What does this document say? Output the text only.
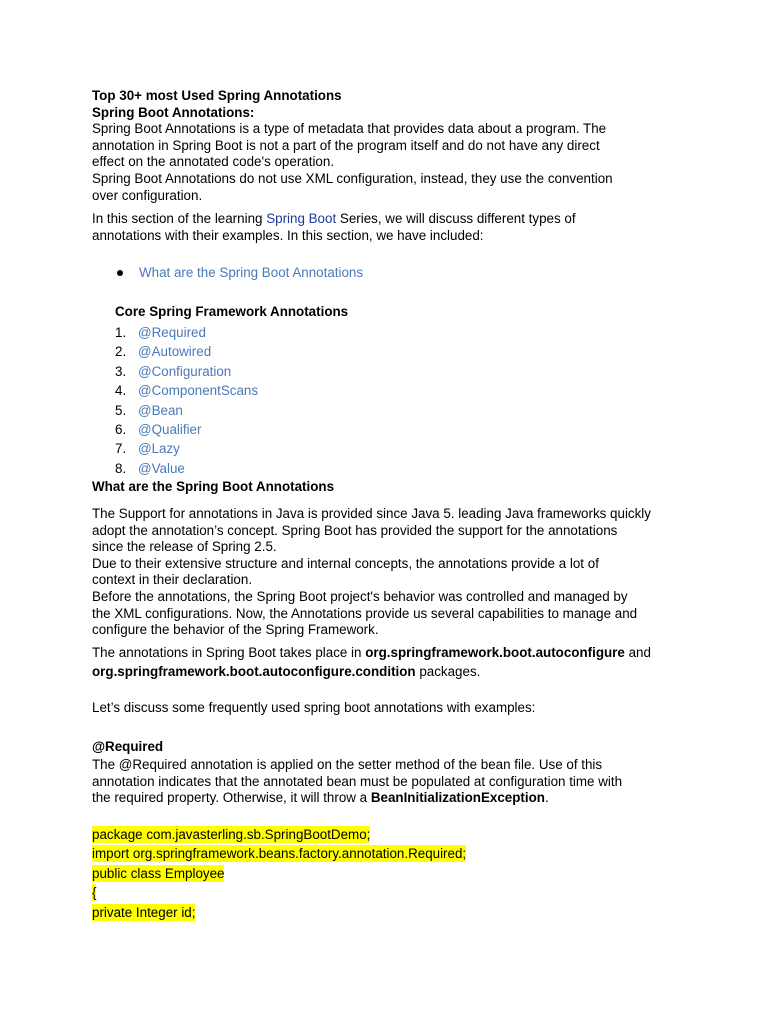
Top 30+ most Used Spring Annotations
Spring Boot Annotations:
Spring Boot Annotations is a type of metadata that provides data about a program. The
annotation in Spring Boot is not a part of the program itself and do not have any direct
effect on the annotated code's operation.
Spring Boot Annotations do not use XML configuration, instead, they use the convention
over configuration.
In this section of the learning Spring Boot Series, we will discuss different types of
annotations with their examples. In this section, we have included:
What are the Spring Boot Annotations
Core Spring Framework Annotations
1. @Required
2. @Autowired
3. @Configuration
4. @ComponentScans
5. @Bean
6. @Qualifier
7. @Lazy
8. @Value
What are the Spring Boot Annotations
The Support for annotations in Java is provided since Java 5. leading Java frameworks quickly
adopt the annotation’s concept. Spring Boot has provided the support for the annotations
since the release of Spring 2.5.
Due to their extensive structure and internal concepts, the annotations provide a lot of
context in their declaration.
Before the annotations, the Spring Boot project's behavior was controlled and managed by
the XML configurations. Now, the Annotations provide us several capabilities to manage and
configure the behavior of the Spring Framework.
The annotations in Spring Boot takes place in org.springframework.boot.autoconfigure and
org.springframework.boot.autoconfigure.condition packages.
Let’s discuss some frequently used spring boot annotations with examples:
@Required
The @Required annotation is applied on the setter method of the bean file. Use of this
annotation indicates that the annotated bean must be populated at configuration time with
the required property. Otherwise, it will throw a BeanInitializationException.
package com.javasterling.sb.SpringBootDemo;
import org.springframework.beans.factory.annotation.Required;
public class Employee
{
private Integer id;
